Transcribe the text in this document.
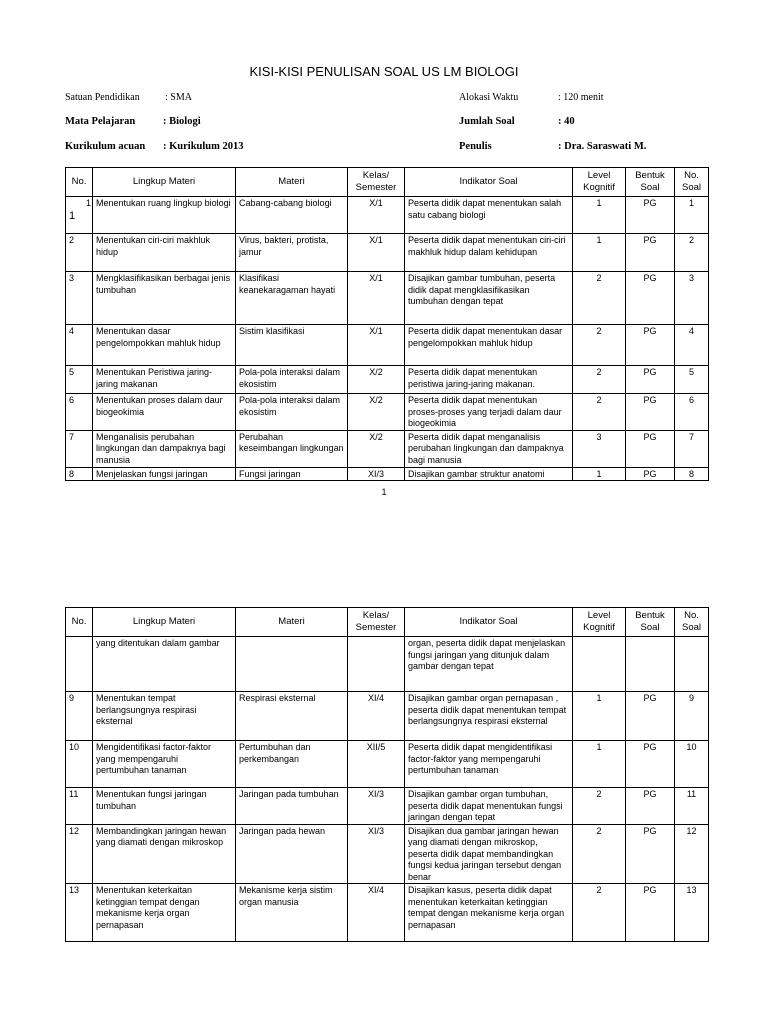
KISI-KISI PENULISAN SOAL US LM BIOLOGI
Satuan Pendidikan	: SMA	Alokasi Waktu	: 120 menit
Mata Pelajaran	: Biologi	Jumlah Soal	: 40
Kurikulum acuan : Kurikulum 2013	Penulis	: Dra. Saraswati M.
No.	Lingkup Materi	Materi	Kelas/ Semester	Indikator Soal	Level Kognitif	Bentuk Soal	No. Soal
1
1	Menentukan ruang lingkup biologi	Cabang-cabang biologi	X/1	Peserta didik dapat menentukan salah satu cabang biologi	1	PG	1
2	Menentukan ciri-ciri makhluk hidup	Virus, bakteri, protista, jamur	X/1	Peserta didik dapat menentukan ciri-ciri makhluk hidup dalam kehidupan	1	PG	2
3	Mengklasifikasikan berbagai jenis tumbuhan	Klasifikasi keanekaragaman hayati	X/1	Disajikan gambar tumbuhan, peserta didik dapat mengklasifikasikan tumbuhan dengan tepat	2	PG	3
4	Menentukan dasar pengelompokkan mahluk hidup	Sistim klasifikasi	X/1	Peserta didik dapat menentukan dasar pengelompokkan mahluk hidup	2	PG	4
5	Menentukan Peristiwa jaring-jaring makanan	Pola-pola interaksi dalam ekosistim	X/2	Peserta didik dapat menentukan peristiwa jaring-jaring makanan.	2	PG	5
6	Menentukan proses dalam daur biogeokimia	Pola-pola interaksi dalam ekosistim	X/2	Peserta didik dapat menentukan proses-proses yang terjadi dalam daur biogeokimia	2	PG	6
7	Menganalisis perubahan lingkungan dan dampaknya bagi manusia	Perubahan keseimbangan lingkungan	X/2	Peserta didik dapat menganalisis perubahan lingkungan dan dampaknya bagi manusia	3	PG	7
8	Menjelaskan fungsi jaringan	Fungsi jaringan	XI/3	Disajikan gambar struktur anatomi	1	PG	8
1
No.	Lingkup Materi	Materi	Kelas/ Semester	Indikator Soal	Level Kognitif	Bentuk Soal	No. Soal
	yang ditentukan dalam gambar			organ, peserta didik dapat menjelaskan fungsi jaringan yang ditunjuk dalam gambar dengan tepat			
9	Menentukan tempat berlangsungnya respirasi eksternal	Respirasi eksternal	XI/4	Disajikan gambar organ pernapasan , peserta didik dapat menentukan tempat berlangsungnya respirasi eksternal	1	PG	9
10	Mengidentifikasi factor-faktor yang mempengaruhi pertumbuhan tanaman	Pertumbuhan dan perkembangan	XII/5	Peserta didik dapat mengidentifikasi factor-faktor yang mempengaruhi pertumbuhan tanaman	1	PG	10
11	Menentukan fungsi jaringan tumbuhan	Jaringan pada tumbuhan	XI/3	Disajikan gambar organ tumbuhan, peserta didik dapat menentukan fungsi jaringan dengan tepat	2	PG	11
12	Membandingkan jaringan hewan yang diamati dengan mikroskop	Jaringan pada hewan	XI/3	Disajikan dua gambar jaringan hewan yang diamati dengan mikroskop, peserta didik dapat membandingkan fungsi kedua jaringan tersebut dengan benar	2	PG	12
13	Menentukan keterkaitan ketinggian tempat dengan mekanisme kerja organ pernapasan	Mekanisme kerja sistim organ manusia	XI/4	Disajikan kasus, peserta didik dapat menentukan keterkaitan ketinggian tempat dengan mekanisme kerja organ pernapasan	2	PG	13
